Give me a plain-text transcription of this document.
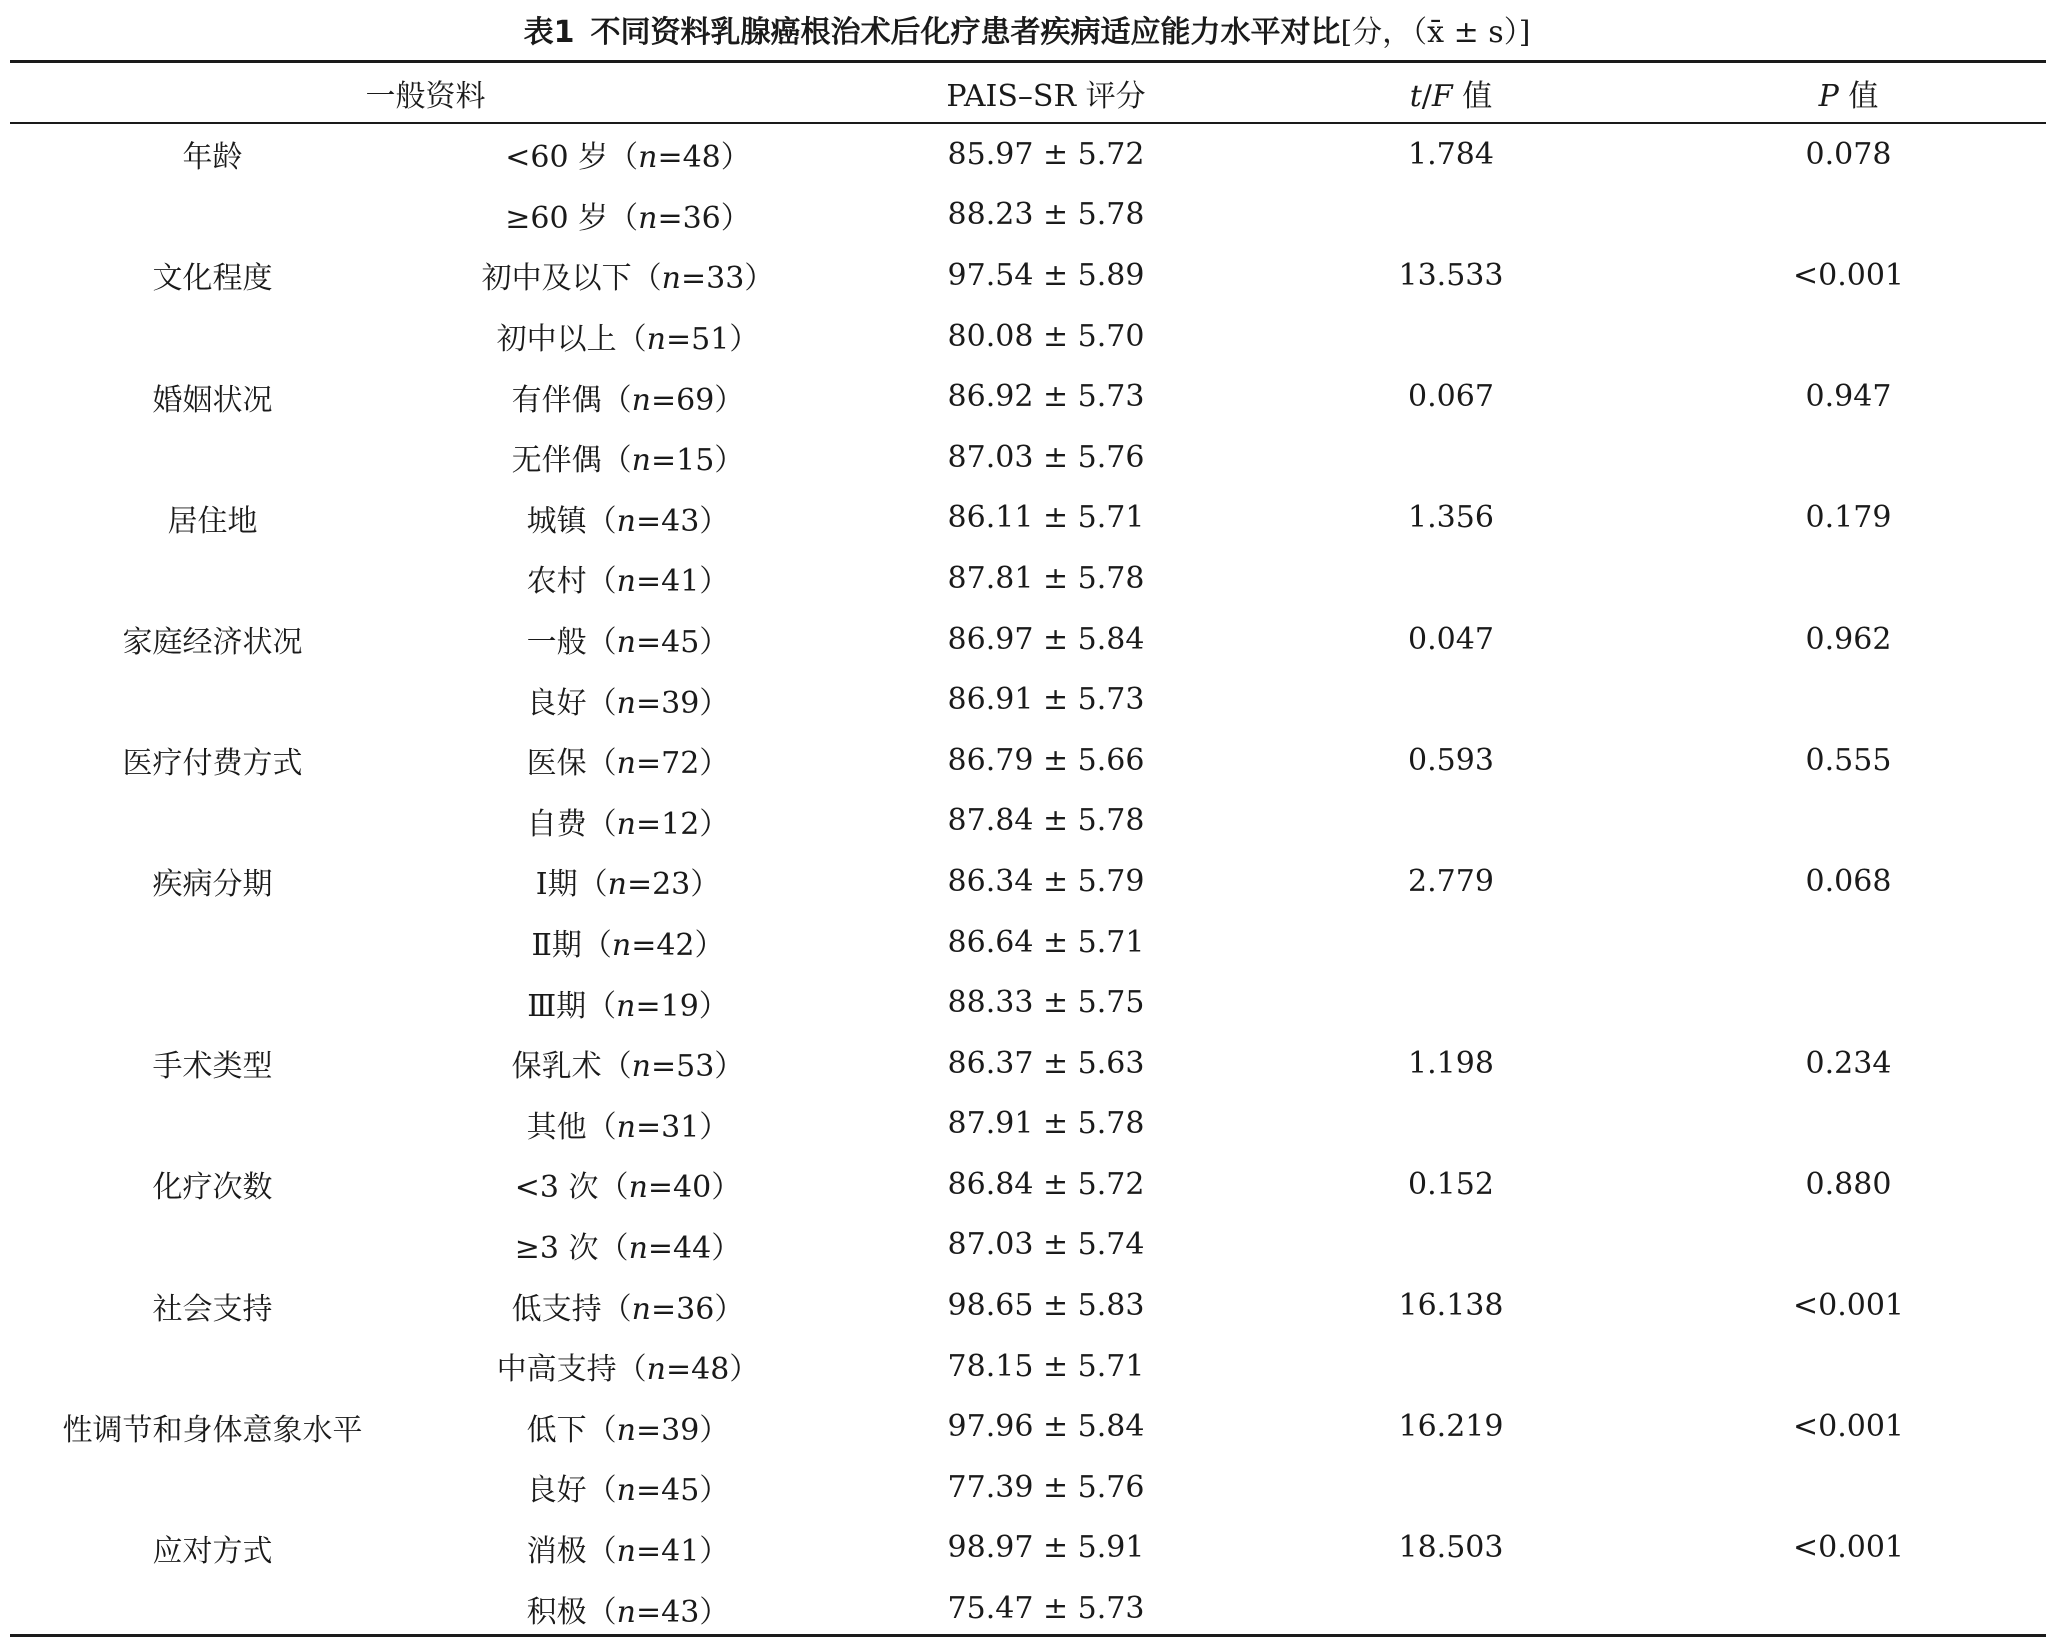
表1 不同资料乳腺癌根治术后化疗患者疾病适应能力水平对比[分，（x̄ ± s）]
一般资料		PAIS–SR 评分	t/F 值	P 值
年龄	<60 岁（n=48）	85.97 ± 5.72	1.784	0.078
	≥60 岁（n=36）	88.23 ± 5.78		
文化程度	初中及以下（n=33）	97.54 ± 5.89	13.533	<0.001
	初中以上（n=51）	80.08 ± 5.70		
婚姻状况	有伴偶（n=69）	86.92 ± 5.73	0.067	0.947
	无伴偶（n=15）	87.03 ± 5.76		
居住地	城镇（n=43）	86.11 ± 5.71	1.356	0.179
	农村（n=41）	87.81 ± 5.78		
家庭经济状况	一般（n=45）	86.97 ± 5.84	0.047	0.962
	良好（n=39）	86.91 ± 5.73		
医疗付费方式	医保（n=72）	86.79 ± 5.66	0.593	0.555
	自费（n=12）	87.84 ± 5.78		
疾病分期	Ⅰ期（n=23）	86.34 ± 5.79	2.779	0.068
	Ⅱ期（n=42）	86.64 ± 5.71		
	Ⅲ期（n=19）	88.33 ± 5.75		
手术类型	保乳术（n=53）	86.37 ± 5.63	1.198	0.234
	其他（n=31）	87.91 ± 5.78		
化疗次数	<3 次（n=40）	86.84 ± 5.72	0.152	0.880
	≥3 次（n=44）	87.03 ± 5.74		
社会支持	低支持（n=36）	98.65 ± 5.83	16.138	<0.001
	中高支持（n=48）	78.15 ± 5.71		
性调节和身体意象水平	低下（n=39）	97.96 ± 5.84	16.219	<0.001
	良好（n=45）	77.39 ± 5.76		
应对方式	消极（n=41）	98.97 ± 5.91	18.503	<0.001
	积极（n=43）	75.47 ± 5.73		
